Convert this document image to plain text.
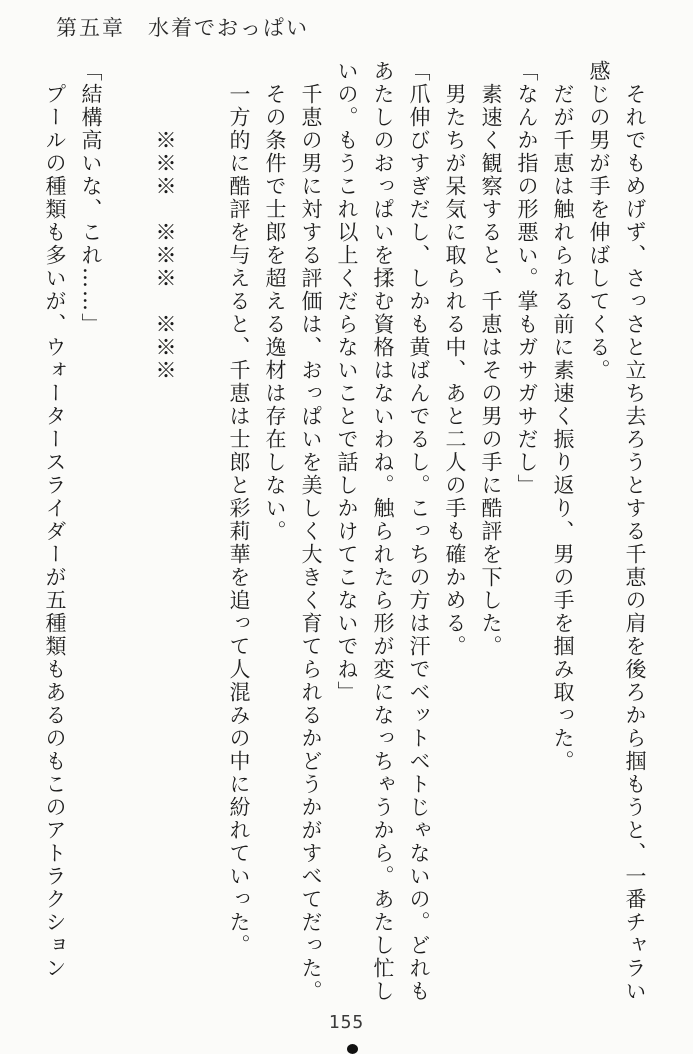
第五章　水着でおっぱい

　それでもめげず、さっさと立ち去ろうとする千恵の肩を後ろから掴もうと、一番チャラい感じの男が手を伸ばしてくる。

　だが千恵は触れられる前に素速く振り返り、男の手を掴み取った。

「なんか指の形悪い。掌もガサガサだし」

　素速く観察すると、千恵はその男の手に酷評を下した。

　男たちが呆気に取られる中、あと二人の手も確かめる。

「爪伸びすぎだし、しかも黄ばんでるし。こっちの方は汗でベットベトじゃないの。どれもあたしのおっぱいを揉む資格はないわね。触られたら形が変になっちゃうから。あたし忙しいの。もうこれ以上くだらないことで話しかけてこないでね」

　千恵の男に対する評価は、おっぱいを美しく大きく育てられるかどうかがすべてだった。

　その条件で士郎を超える逸材は存在しない。

　一方的に酷評を与えると、千恵は士郎と彩莉華を追って人混みの中に紛れていった。

　　　※※※　※※※　※※※

「結構高いな、これ……」

　プールの種類も多いが、ウォータースライダーが五種類もあるのもこのアトラクション

155
